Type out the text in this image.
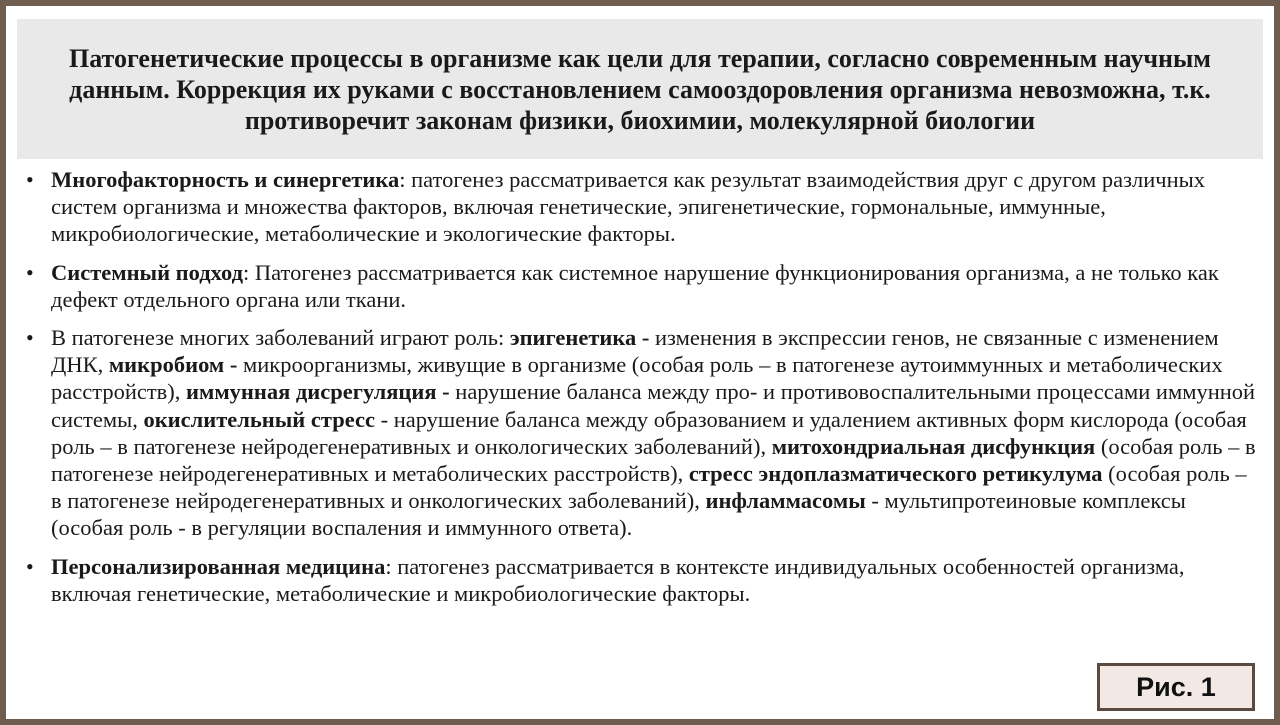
Патогенетические процессы в организме как цели для терапии, согласно современным научным данным. Коррекция их руками с восстановлением самооздоровления организма невозможна, т.к. противоречит законам физики, биохимии, молекулярной биологии
• Многофакторность и синергетика: патогенез рассматривается как результат взаимодействия друг с другом различных систем организма и множества факторов, включая генетические, эпигенетические, гормональные, иммунные, микробиологические, метаболические и экологические факторы.
• Системный подход: Патогенез рассматривается как системное нарушение функционирования организма, а не только как дефект отдельного органа или ткани.
• В патогенезе многих заболеваний играют роль: эпигенетика - изменения в экспрессии генов, не связанные с изменением ДНК, микробиом - микроорганизмы, живущие в организме (особая роль – в патогенезе аутоиммунных и метаболических расстройств), иммунная дисрегуляция - нарушение баланса между про- и противовоспалительными процессами иммунной системы, окислительный стресс - нарушение баланса между образованием и удалением активных форм кислорода (особая роль – в патогенезе нейродегенеративных и онкологических заболеваний), митохондриальная дисфункция (особая роль – в патогенезе нейродегенеративных и метаболических расстройств), стресс эндоплазматического ретикулума (особая роль – в патогенезе нейродегенеративных и онкологических заболеваний), инфламмасомы - мультипротеиновые комплексы (особая роль - в регуляции воспаления и иммунного ответа).
• Персонализированная медицина: патогенез рассматривается в контексте индивидуальных особенностей организма, включая генетические, метаболические и микробиологические факторы.
Рис. 1
